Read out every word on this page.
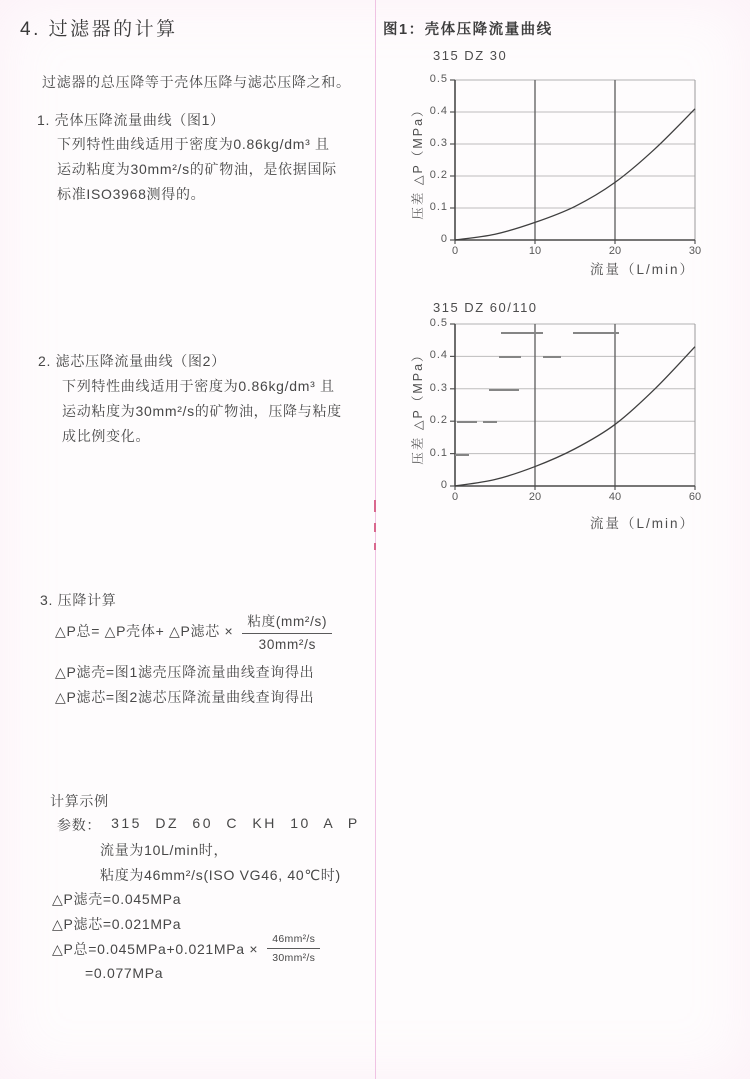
4. 过滤器的计算
过滤器的总压降等于壳体压降与滤芯压降之和。
1. 壳体压降流量曲线（图1）
下列特性曲线适用于密度为0.86kg/dm³ 且
运动粘度为30mm²/s的矿物油，是依据国际
标准ISO3968测得的。
2. 滤芯压降流量曲线（图2）
下列特性曲线适用于密度为0.86kg/dm³ 且
运动粘度为30mm²/s的矿物油，压降与粘度
成比例变化。
3. 压降计算
△P总= △P壳体+ △P滤芯 × $\frac{\text{粘度(mm²/s)}}{\text{30mm²/s}}$
△P滤壳=图1滤壳压降流量曲线查询得出
△P滤芯=图2滤芯压降流量曲线查询得出
计算示例
参数： 315 DZ 60 C KH 10 A P
流量为10L/min时，
粘度为46mm²/s(ISO VG46, 40℃时)
△P滤壳=0.045MPa
△P滤芯=0.021MPa
△P总$=0.045MPa+0.021MPa \times \frac{\text{46mm²/s}}{\text{30mm²/s}}$
=0.077MPa
图1：壳体压降流量曲线
315 DZ 30
压差 △P（MPa）
0
0.1
0.2
0.3
0.4
0.5
0	10	20	30
流量（L/min）
315 DZ 60/110
压差 △P（MPa）
0
0.1
0.2
0.3
0.4
0.5
0	20	40	60
流量（L/min）
